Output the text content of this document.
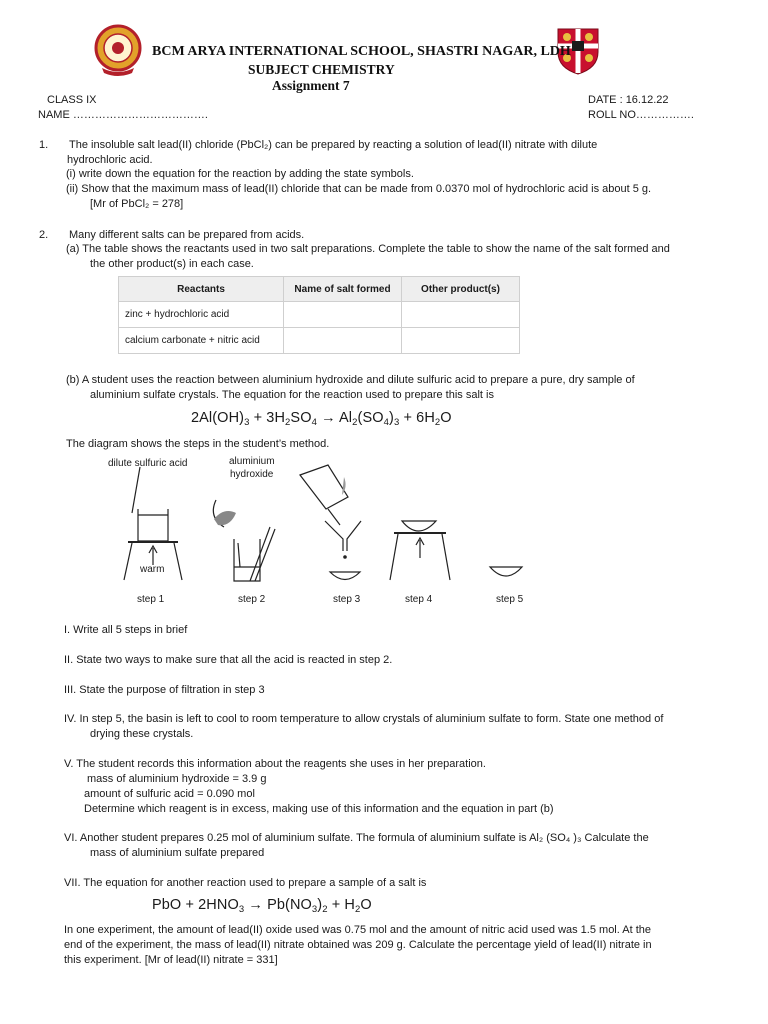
BCM ARYA INTERNATIONAL SCHOOL, SHASTRI NAGAR, LDH
SUBJECT CHEMISTRY
Assignment 7
CLASS IX	DATE : 16.12.22
NAME ……………………………….	ROLL NO…………….
1. The insoluble salt lead(II) chloride (PbCl₂) can be prepared by reacting a solution of lead(II) nitrate with dilute
hydrochloric acid.
(i) write down the equation for the reaction by adding the state symbols.
(ii) Show that the maximum mass of lead(II) chloride that can be made from 0.0370 mol of hydrochloric acid is about 5 g.
[Mr of PbCl₂ = 278]
2. Many different salts can be prepared from acids.
(a) The table shows the reactants used in two salt preparations. Complete the table to show the name of the salt formed and
the other product(s) in each case.
Reactants	Name of salt formed	Other product(s)
zinc + hydrochloric acid		
calcium carbonate + nitric acid		
(b) A student uses the reaction between aluminium hydroxide and dilute sulfuric acid to prepare a pure, dry sample of
aluminium sulfate crystals. The equation for the reaction used to prepare this salt is
$2Al(OH)_3 + 3H_2SO_4 \to Al_2(SO_4)_3 + 6H_2O$
The diagram shows the steps in the student’s method.
dilute sulfuric acid	aluminium
hydroxide
warm
step 1	step 2	step 3	step 4	step 5
I. Write all 5 steps in brief
II. State two ways to make sure that all the acid is reacted in step 2.
III. State the purpose of filtration in step 3
IV. In step 5, the basin is left to cool to room temperature to allow crystals of aluminium sulfate to form. State one method of
drying these crystals.
V. The student records this information about the reagents she uses in her preparation.
mass of aluminium hydroxide = 3.9 g
amount of sulfuric acid = 0.090 mol
Determine which reagent is in excess, making use of this information and the equation in part (b)
VI. Another student prepares 0.25 mol of aluminium sulfate. The formula of aluminium sulfate is Al₂ (SO₄ )₃ Calculate the
mass of aluminium sulfate prepared
VII. The equation for another reaction used to prepare a sample of a salt is
PbO + $2HNO_3 \to Pb(NO_3)_2 + H_2O$
In one experiment, the amount of lead(II) oxide used was 0.75 mol and the amount of nitric acid used was 1.5 mol. At the
end of the experiment, the mass of lead(II) nitrate obtained was 209 g. Calculate the percentage yield of lead(II) nitrate in
this experiment. [Mr of lead(II) nitrate = 331]
